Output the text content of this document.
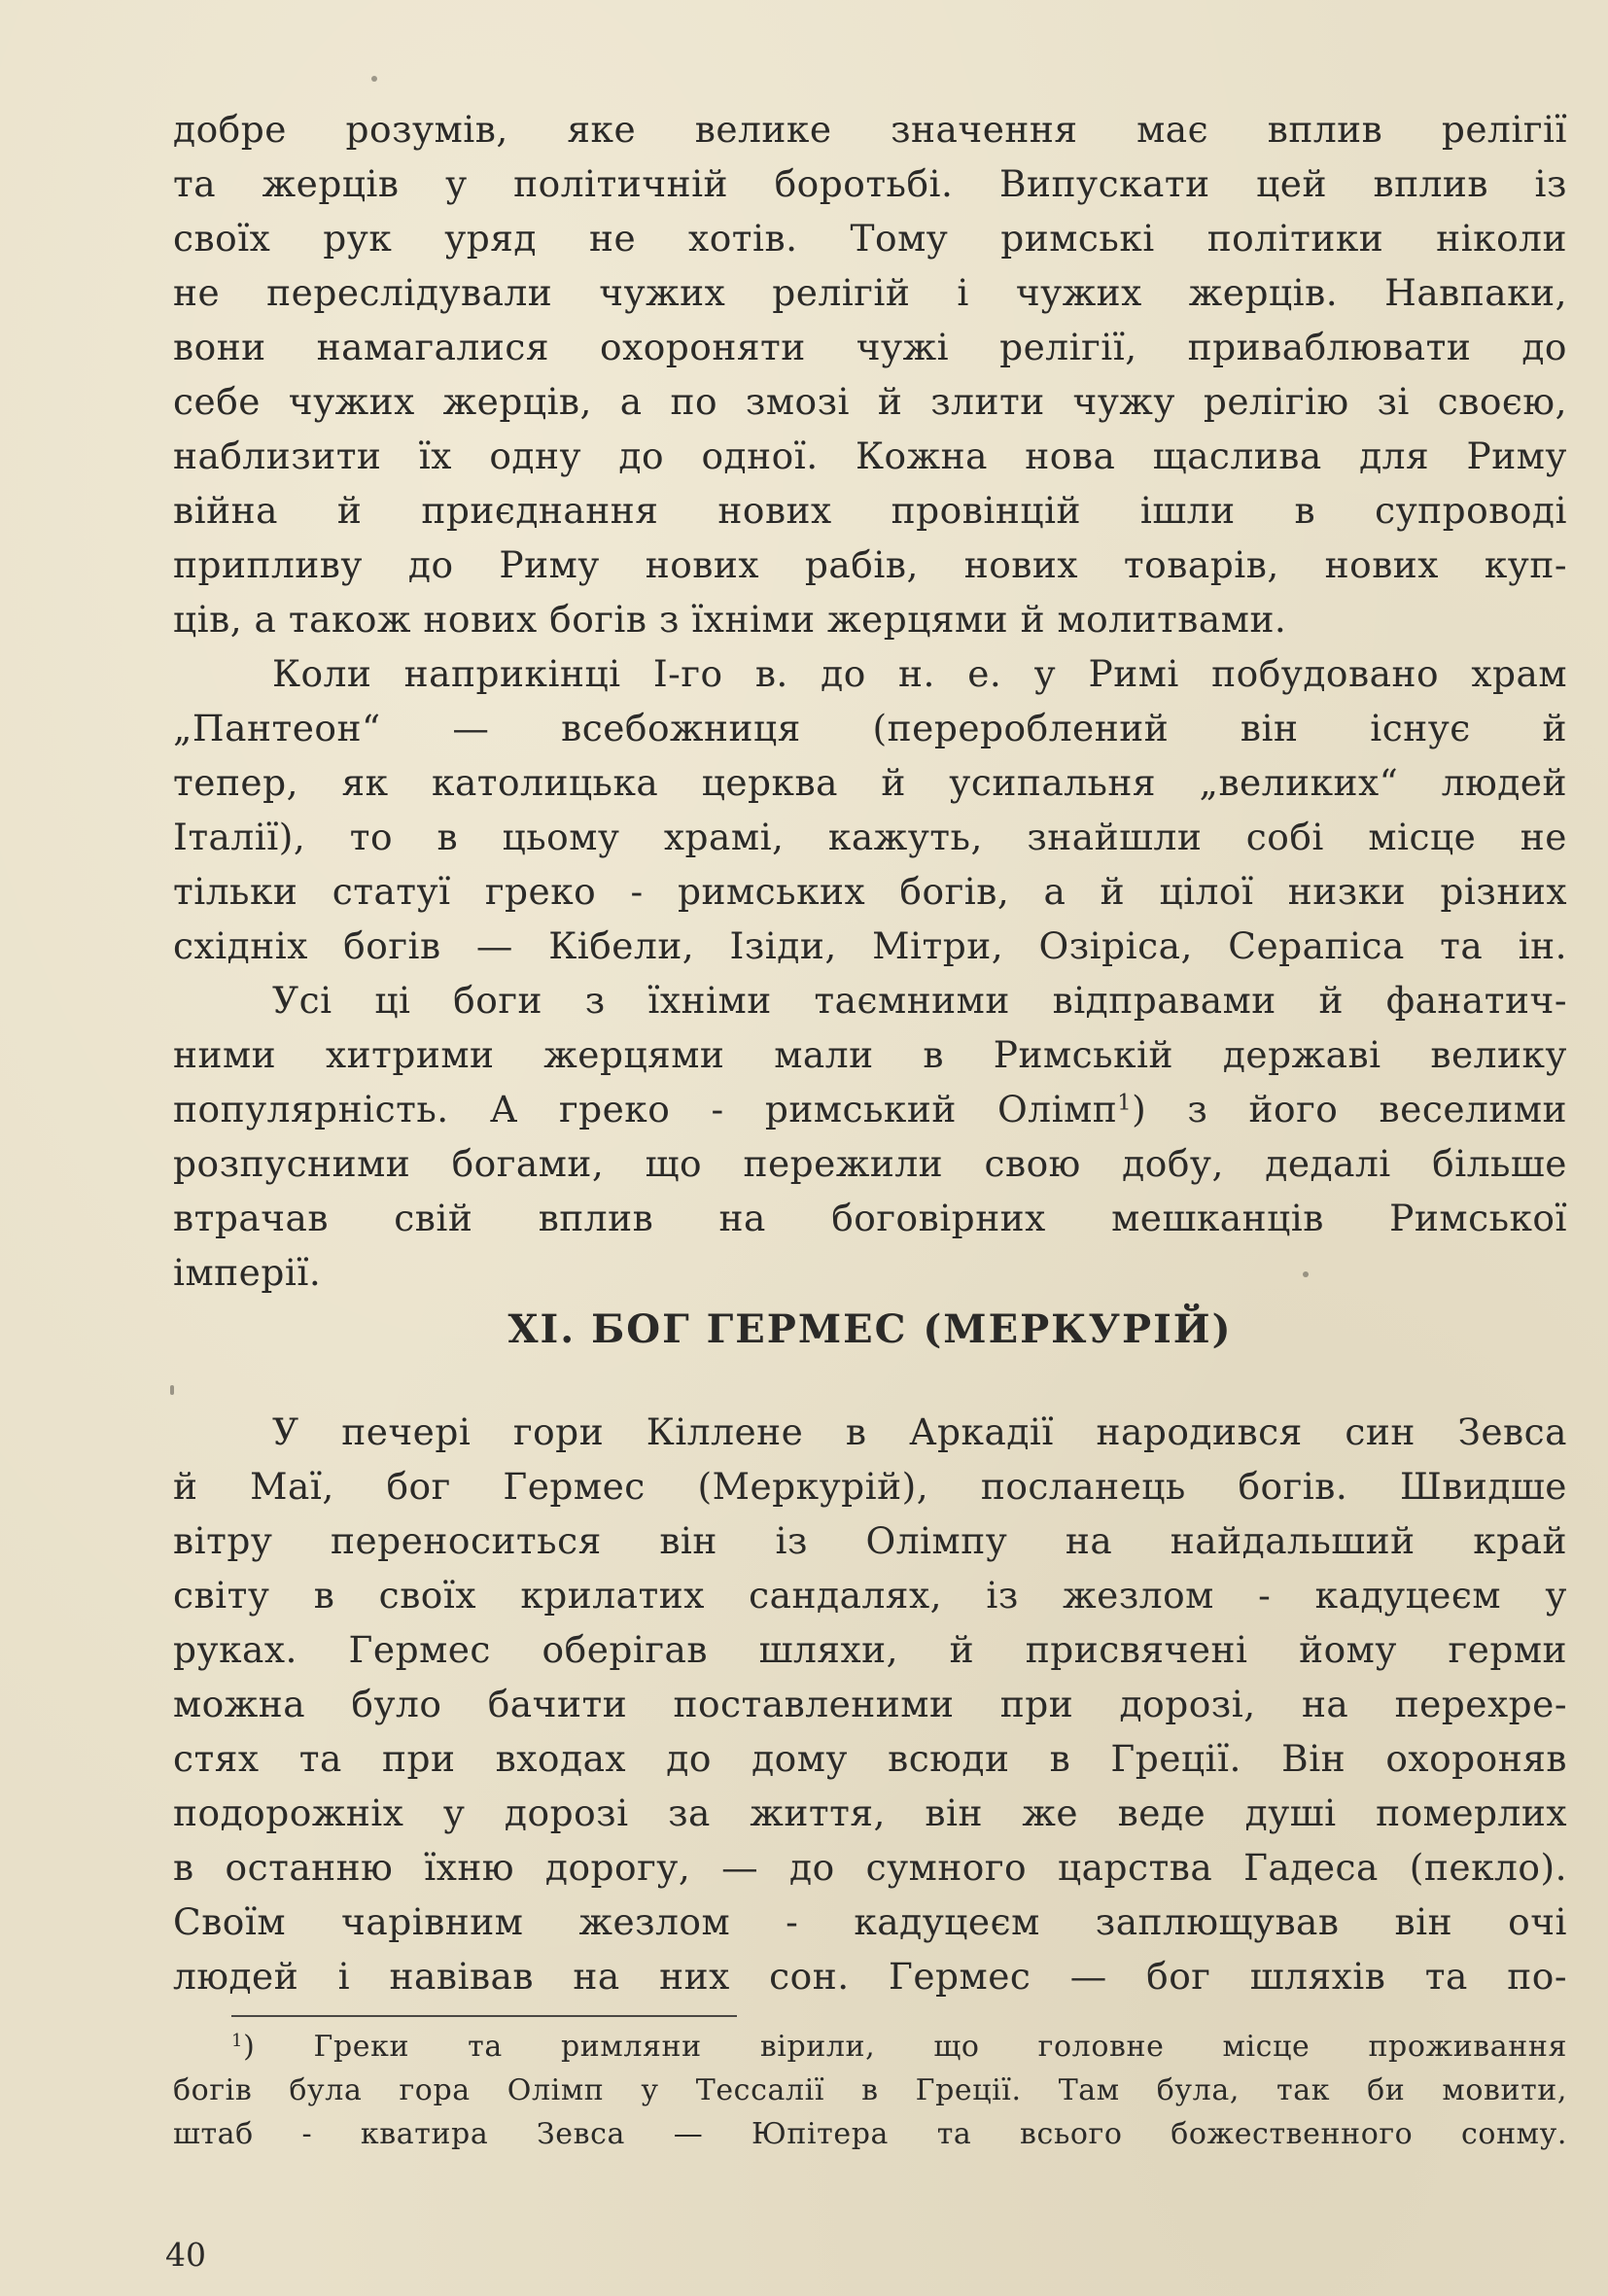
добре розумів, яке велике значення має вплив релігії
та жерців у політичній боротьбі. Випускати цей вплив із
своїх рук уряд не хотів. Тому римські політики ніколи
не переслідували чужих релігій і чужих жерців. Навпаки,
вони намагалися охороняти чужі релігії, приваблювати до
себе чужих жерців, а по змозі й злити чужу релігію зі своєю,
наблизити їх одну до одної. Кожна нова щаслива для Риму
війна й приєднання нових провінцій ішли в супроводі
припливу до Риму нових рабів, нових товарів, нових куп-
ців, а також нових богів з їхніми жерцями й молитвами.
Коли наприкінці І-го в. до н. е. у Римі побудовано храм
„Пантеон“ — всебожниця (перероблений він існує й
тепер, як католицька церква й усипальня „великих“ людей
Італії), то в цьому храмі, кажуть, знайшли собі місце не
тільки статуї греко - римських богів, а й цілої низки різних
східніх богів — Кібели, Ізіди, Мітри, Озіріса, Серапіса та ін.
Усі ці боги з їхніми таємними відправами й фанатич-
ними хитрими жерцями мали в Римській державі велику
популярність. А греко - римський Олімп$^1$) з його веселими
розпусними богами, що пережили свою добу, дедалі більше
втрачав свій вплив на боговірних мешканців Римської
імперії.
ХІ. БОГ ГЕРМЕС (МЕРКУРІЙ)
У печері гори Кіллене в Аркадії народився син Зевса
й Маї, бог Гермес (Меркурій), посланець богів. Швидше
вітру переноситься він із Олімпу на найдальший край
світу в своїх крилатих сандалях, із жезлом - кадуцеєм у
руках. Гермес оберігав шляхи, й присвячені йому герми
можна було бачити поставленими при дорозі, на перехре-
стях та при входах до дому всюди в Греції. Він охороняв
подорожніх у дорозі за життя, він же веде душі померлих
в останню їхню дорогу, — до сумного царства Гадеса (пекло).
Своїм чарівним жезлом - кадуцеєм заплющував він очі
людей і навівав на них сон. Гермес — бог шляхів та по-
$^1$) Греки та римляни вірили, що головне місце проживання
богів була гора Олімп у Тессалії в Греції. Там була, так би мовити,
штаб - кватира Зевса — Юпітера та всього божественного сонму.
40
